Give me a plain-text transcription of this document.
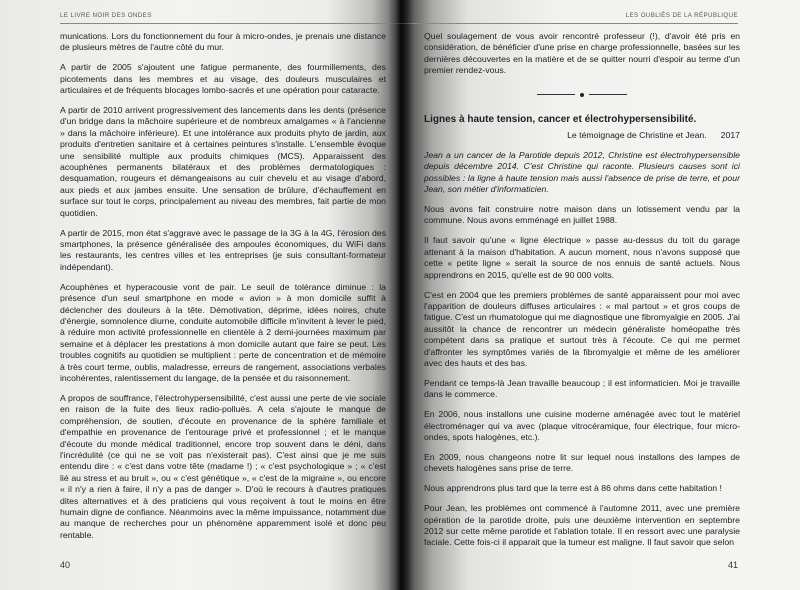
LE LIVRE NOIR DES ONDES

munications. Lors du fonctionnement du four à micro-ondes, je prenais une distance de plusieurs mètres de l'autre côté du mur.

A partir de 2005 s'ajoutent une fatigue permanente, des fourmillements, des picotements dans les membres et au visage, des douleurs musculaires et articulaires et de fréquents blocages lombo-sacrés et une opération pour cataracte.

A partir de 2010 arrivent progressivement des lancements dans les dents (présence d'un bridge dans la mâchoire supérieure et de nombreux amalgames « à l'ancienne » dans la mâchoire inférieure). Et une intolérance aux produits phyto de jardin, aux produits d'entretien sanitaire et à certaines peintures s'installe. L'ensemble évoque une sensibilité multiple aux produits chimiques (MCS). Apparaissent des acouphènes permanents bilatéraux et des problèmes dermatologiques : desquamation, rougeurs et démangeaisons au cuir chevelu et au visage d'abord, aux pieds et aux jambes ensuite. Une sensation de brûlure, d'échauffement en surface sur tout le corps, principalement au niveau des membres, fait partie de mon quotidien.

A partir de 2015, mon état s'aggrave avec le passage de la 3G à la 4G, l'érosion des smartphones, la présence généralisée des ampoules économiques, du WiFi dans les restaurants, les centres villes et les entreprises (je suis consultant-formateur indépendant).

Acouphènes et hyperacousie vont de pair. Le seuil de tolérance diminue : la présence d'un seul smartphone en mode « avion » à mon domicile suffit à déclencher des douleurs à la tête. Démotivation, déprime, idées noires, chute d'énergie, somnolence diurne, conduite automobile difficile m'invitent à lever le pied, à réduire mon activité professionnelle en clientèle à 2 demi-journées maximum par semaine et à déplacer les prestations à mon domicile autant que faire se peut. Les troubles cognitifs au quotidien se multiplient : perte de concentration et de mémoire à très court terme, oublis, maladresse, erreurs de rangement, associations verbales incohérentes, ralentissement du langage, de la pensée et du raisonnement.

A propos de souffrance, l'électrohypersensibilité, c'est aussi une perte de vie sociale en raison de la fuite des lieux radio-pollués. A cela s'ajoute le manque de compréhension, de soutien, d'écoute en provenance de la sphère familiale et d'empathie en provenance de l'entourage privé et professionnel ; et le manque d'écoute du monde médical traditionnel, encore trop souvent dans le déni, dans l'incrédulité (ce qui ne se voit pas n'existerait pas). C'est ainsi que je me suis entendu dire : « c'est dans votre tête (madame !) ; « c'est psychologique » ; « c'est lié au stress et au bruit », ou « c'est génétique », « c'est de la migraine », ou encore « il n'y a rien à faire, il n'y a pas de danger ». D'où le recours à d'autres pratiques dites alternatives et à des praticiens qui vous reçoivent à tout le moins en être humain digne de confiance. Néanmoins avec la même impuissance, notamment due au manque de recherches pour un phénomène apparemment isolé et donc peu rentable.

40
LES OUBLIÉS DE LA RÉPUBLIQUE

Quel soulagement de vous avoir rencontré professeur (!), d'avoir été pris en considération, de bénéficier d'une prise en charge professionnelle, basées sur les dernières découvertes en la matière et de se quitter nourri d'espoir au terme d'un premier rendez-vous.

Lignes à haute tension, cancer et électrohypersensibilité.
Le témoignage de Christine et Jean. 2017

Jean a un cancer de la Parotide depuis 2012, Christine est électrohypersensible depuis décembre 2014. C'est Christine qui raconte. Plusieurs causes sont ici possibles : la ligne à haute tension mais aussi l'absence de prise de terre, et pour Jean, son métier d'informaticien.

Nous avons fait construire notre maison dans un lotissement vendu par la commune. Nous avons emménagé en juillet 1988.

Il faut savoir qu'une « ligne électrique » passe au-dessus du toit du garage attenant à la maison d'habitation. A aucun moment, nous n'avons supposé que cette « petite ligne » serait la source de nos ennuis de santé actuels. Nous apprendrons en 2015, qu'elle est de 90 000 volts.

C'est en 2004 que les premiers problèmes de santé apparaissent pour moi avec l'apparition de douleurs diffuses articulaires : « mal partout » et gros coups de fatigue. C'est un rhumatologue qui me diagnostique une fibromyalgie en 2005. J'ai aussitôt la chance de rencontrer un médecin généraliste homéopathe très compétent dans sa pratique et surtout très à l'écoute. Ce qui me permet d'affronter les symptômes variés de la fibromyalgie et même de les améliorer avec des hauts et des bas.

Pendant ce temps-là Jean travaille beaucoup ; il est informaticien. Moi je travaille dans le commerce.

En 2006, nous installons une cuisine moderne aménagée avec tout le matériel électroménager qui va avec (plaque vitrocéramique, four électrique, four micro-ondes, spots halogènes, etc.).

En 2009, nous changeons notre lit sur lequel nous installons des lampes de chevets halogènes sans prise de terre.

Nous apprendrons plus tard que la terre est à 86 ohms dans cette habitation !

Pour Jean, les problèmes ont commencé à l'automne 2011, avec une première opération de la parotide droite, puis une deuxième intervention en septembre 2012 sur cette même parotide et l'ablation totale. Il en ressort avec une paralysie faciale. Cette fois-ci il apparait que la tumeur est maligne. Il faut savoir que selon

41
